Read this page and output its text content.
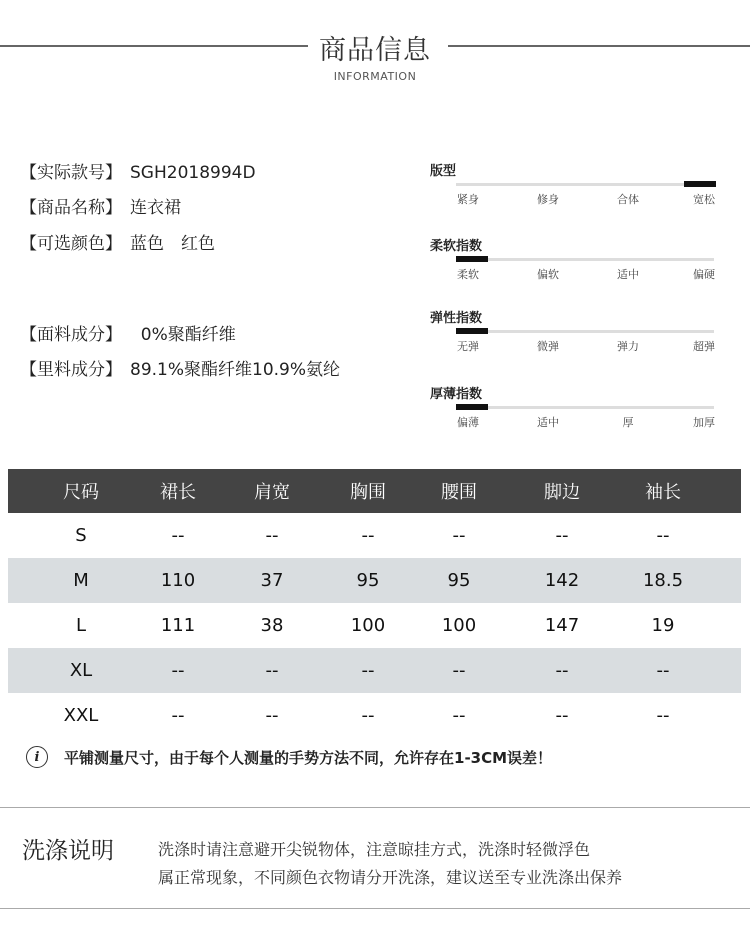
商品信息
INFORMATION
【实际款号】 SGH2018994D
【商品名称】 连衣裙
【可选颜色】 蓝色　红色
【面料成分】  0%聚酯纤维
【里料成分】 89.1%聚酯纤维10.9%氨纶
版型
紧身	修身	合体	宽松
柔软指数
柔软	偏软	适中	偏硬
弹性指数
无弹	微弹	弹力	超弹
厚薄指数
偏薄	适中	厚	加厚
尺码	裙长	肩宽	胸围	腰围	脚边	袖长
S	--	--	--	--	--	--
M	110	37	95	95	142	18.5
L	111	38	100	100	147	19
XL	--	--	--	--	--	--
XXL	--	--	--	--	--	--
i	平铺测量尺寸，由于每个人测量的手势方法不同，允许存在1-3CM误差！
洗涤说明	洗涤时请注意避开尖锐物体，注意晾挂方式，洗涤时轻微浮色
属正常现象，不同颜色衣物请分开洗涤，建议送至专业洗涤出保养
